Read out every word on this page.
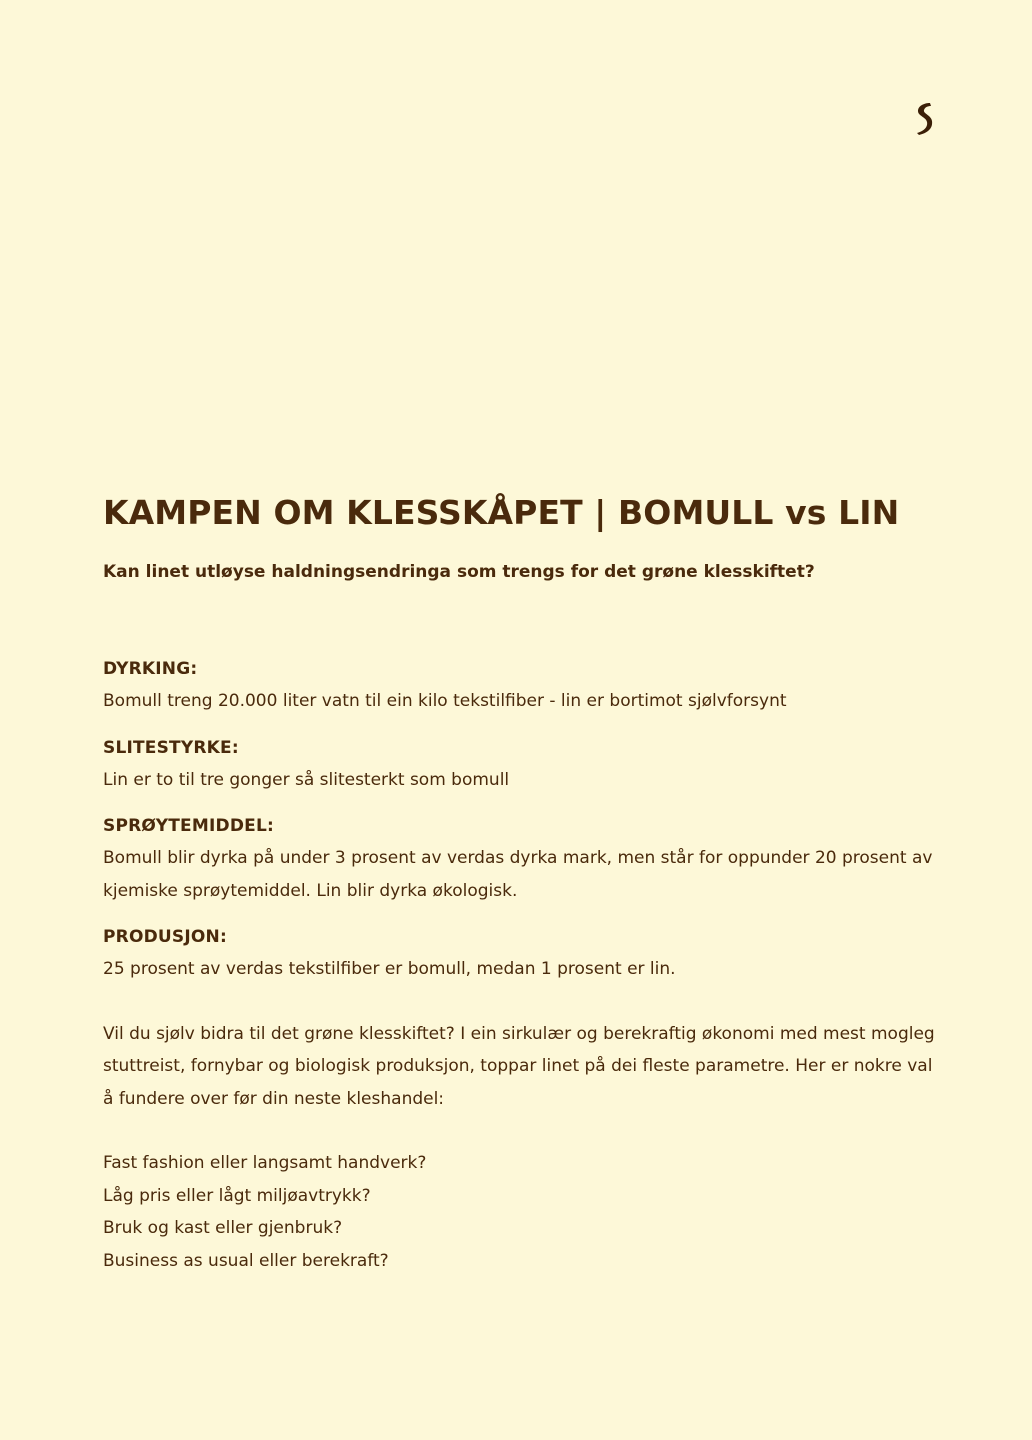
KAMPEN OM KLESSKÅPET | BOMULL vs LIN

Kan linet utløyse haldningsendringa som trengs for det grøne klesskiftet?

DYRKING:

Bomull treng 20.000 liter vatn til ein kilo tekstilfiber - lin er bortimot sjølvforsynt

SLITESTYRKE:

Lin er to til tre gonger så slitesterkt som bomull

SPRØYTEMIDDEL:

Bomull blir dyrka på under 3 prosent av verdas dyrka mark, men står for oppunder 20 prosent av kjemiske sprøytemiddel. Lin blir dyrka økologisk.

PRODUSJON:

25 prosent av verdas tekstilfiber er bomull, medan 1 prosent er lin.

Vil du sjølv bidra til det grøne klesskiftet? I ein sirkulær og berekraftig økonomi med mest mogleg stuttreist, fornybar og biologisk produksjon, toppar linet på dei fleste parametre. Her er nokre val å fundere over før din neste kleshandel:

Fast fashion eller langsamt handverk?

Låg pris eller lågt miljøavtrykk?

Bruk og kast eller gjenbruk?

Business as usual eller berekraft?
